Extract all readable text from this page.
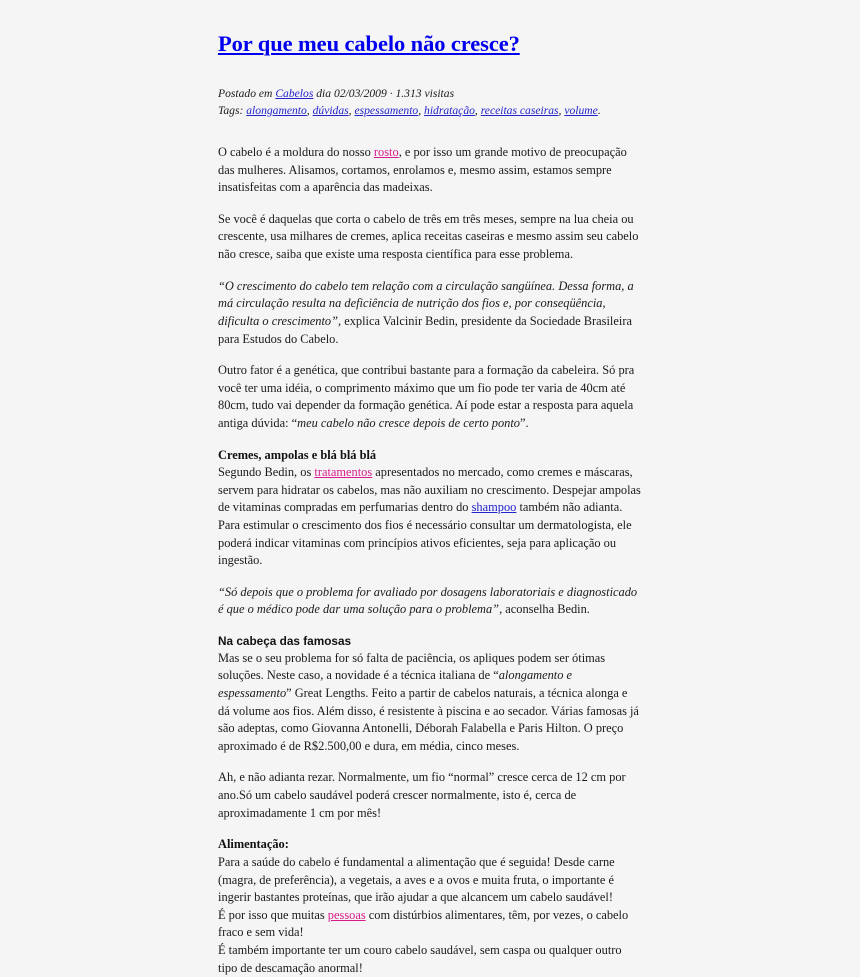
Por que meu cabelo não cresce?
Postado em Cabelos dia 02/03/2009 · 1.313 visitas
Tags: alongamento, dúvidas, espessamento, hidratação, receitas caseiras, volume.

O cabelo é a moldura do nosso rosto, e por isso um grande motivo de preocupação das mulheres. Alisamos, cortamos, enrolamos e, mesmo assim, estamos sempre insatisfeitas com a aparência das madeixas.

Se você é daquelas que corta o cabelo de três em três meses, sempre na lua cheia ou crescente, usa milhares de cremes, aplica receitas caseiras e mesmo assim seu cabelo não cresce, saiba que existe uma resposta científica para esse problema.

“O crescimento do cabelo tem relação com a circulação sangüínea. Dessa forma, a má circulação resulta na deficiência de nutrição dos fios e, por conseqüência, dificulta o crescimento”, explica Valcinir Bedin, presidente da Sociedade Brasileira para Estudos do Cabelo.

Outro fator é a genética, que contribui bastante para a formação da cabeleira. Só pra você ter uma idéia, o comprimento máximo que um fio pode ter varia de 40cm até 80cm, tudo vai depender da formação genética. Aí pode estar a resposta para aquela antiga dúvida: “meu cabelo não cresce depois de certo ponto”.

Cremes, ampolas e blá blá blá

Segundo Bedin, os tratamentos apresentados no mercado, como cremes e máscaras, servem para hidratar os cabelos, mas não auxiliam no crescimento. Despejar ampolas de vitaminas compradas em perfumarias dentro do shampoo também não adianta. Para estimular o crescimento dos fios é necessário consultar um dermatologista, ele poderá indicar vitaminas com princípios ativos eficientes, seja para aplicação ou ingestão.

“Só depois que o problema for avaliado por dosagens laboratoriais e diagnosticado é que o médico pode dar uma solução para o problema”, aconselha Bedin.

Na cabeça das famosas

Mas se o seu problema for só falta de paciência, os apliques podem ser ótimas soluções. Neste caso, a novidade é a técnica italiana de “alongamento e espessamento” Great Lengths. Feito a partir de cabelos naturais, a técnica alonga e dá volume aos fios. Além disso, é resistente à piscina e ao secador. Várias famosas já são adeptas, como Giovanna Antonelli, Déborah Falabella e Paris Hilton. O preço aproximado é de R$2.500,00 e dura, em média, cinco meses.

Ah, e não adianta rezar. Normalmente, um fio “normal” cresce cerca de 12 cm por ano.Só um cabelo saudável poderá crescer normalmente, isto é, cerca de aproximadamente 1 cm por mês!

Alimentação:

Para a saúde do cabelo é fundamental a alimentação que é seguida! Desde carne (magra, de preferência), a vegetais, a aves e a ovos e muita fruta, o importante é ingerir bastantes proteínas, que irão ajudar a que alcancem um cabelo saudável!

É por isso que muitas pessoas com distúrbios alimentares, têm, por vezes, o cabelo fraco e sem vida!

É também importante ter um couro cabelo saudável, sem caspa ou qualquer outro tipo de descamação anormal!
